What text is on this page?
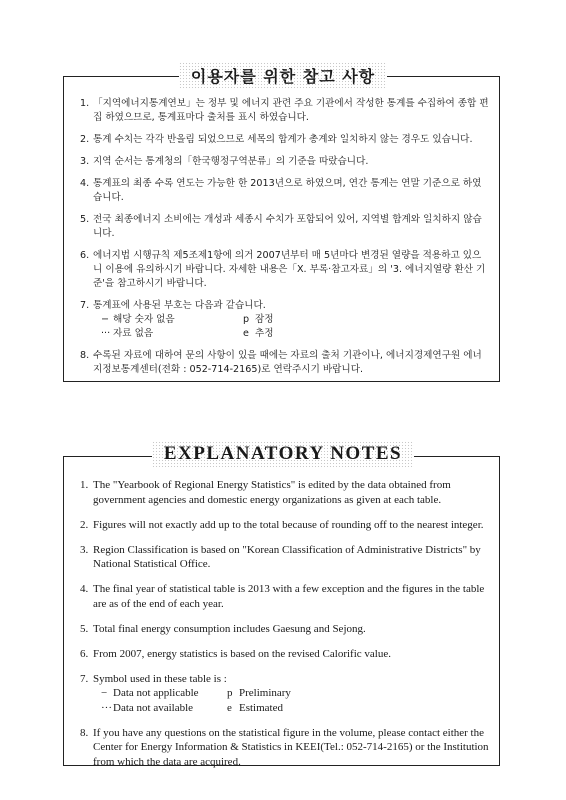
이용자를 위한 참고 사항
1. 「지역에너지통계연보」는 정부 및 에너지 관련 주요 기관에서 작성한 통계를 수집하여 종합 편집 하였으므로, 통계표마다 출처를 표시 하였습니다.
2. 통계 수치는 각각 반올림 되었으므로 세목의 합계가 총계와 일치하지 않는 경우도 있습니다.
3. 지역 순서는 통계청의「한국행정구역분류」의 기준을 따랐습니다.
4. 통계표의 최종 수록 연도는 가능한 한 2013년으로 하였으며, 연간 통계는 연말 기준으로 하였습니다.
5. 전국 최종에너지 소비에는 개성과 세종시 수치가 포함되어 있어, 지역별 합계와 일치하지 않습니다.
6. 에너지법 시행규칙 제5조제1항에 의거 2007년부터 매 5년마다 변경된 열량을 적용하고 있으니 이용에 유의하시기 바랍니다. 자세한 내용은「X. 부록·참고자료」의 '3. 에너지열량 환산 기준'을 참고하시기 바랍니다.
7. 통계표에 사용된 부호는 다음과 같습니다.
− 해당 숫자 없음	p 잠정
··· 자료 없음	e 추정
8. 수록된 자료에 대하여 문의 사항이 있을 때에는 자료의 출처 기관이나, 에너지경제연구원 에너지정보통계센터(전화 : 052-714-2165)로 연락주시기 바랍니다.
EXPLANATORY NOTES
1. The "Yearbook of Regional Energy Statistics" is edited by the data obtained from government agencies and domestic energy organizations as given at each table.
2. Figures will not exactly add up to the total because of rounding off to the nearest integer.
3. Region Classification is based on "Korean Classification of Administrative Districts" by National Statistical Office.
4. The final year of statistical table is 2013 with a few exception and the figures in the table are as of the end of each year.
5. Total final energy consumption includes Gaesung and Sejong.
6. From 2007, energy statistics is based on the revised Calorific value.
7. Symbol used in these table is :
− Data not applicable	p Preliminary
···Data not available	e Estimated
8. If you have any questions on the statistical figure in the volume, please contact either the Center for Energy Information & Statistics in KEEI(Tel.: 052-714-2165) or the Institution from which the data are acquired.
